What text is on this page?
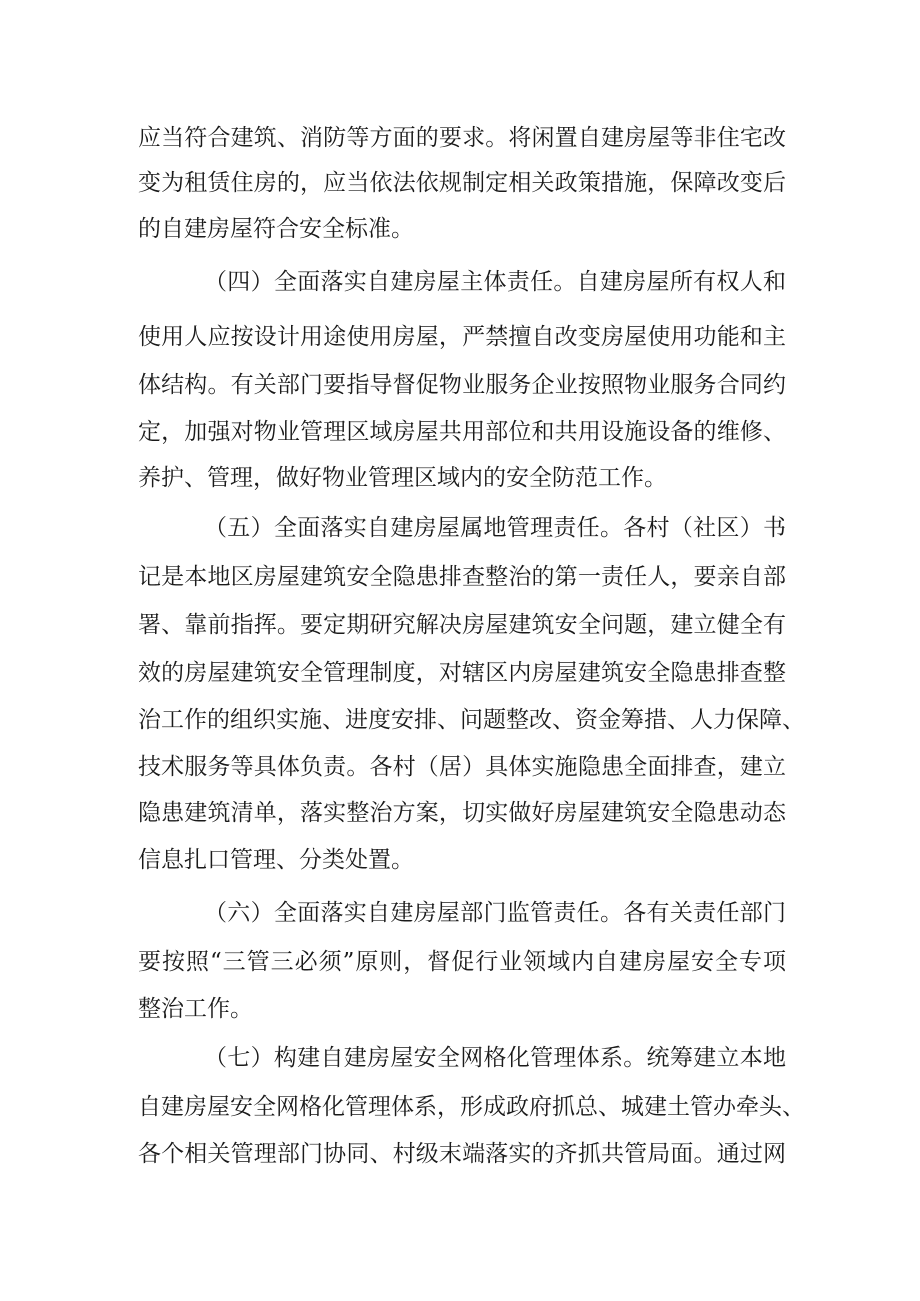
应当符合建筑、消防等方面的要求。将闲置自建房屋等非住宅改
变为租赁住房的，应当依法依规制定相关政策措施，保障改变后
的自建房屋符合安全标准。
（四）全面落实自建房屋主体责任。自建房屋所有权人和
使用人应按设计用途使用房屋，严禁擅自改变房屋使用功能和主
体结构。有关部门要指导督促物业服务企业按照物业服务合同约
定，加强对物业管理区域房屋共用部位和共用设施设备的维修、
养护、管理，做好物业管理区域内的安全防范工作。
（五）全面落实自建房屋属地管理责任。各村（社区）书
记是本地区房屋建筑安全隐患排查整治的第一责任人，要亲自部
署、靠前指挥。要定期研究解决房屋建筑安全问题，建立健全有
效的房屋建筑安全管理制度，对辖区内房屋建筑安全隐患排查整
治工作的组织实施、进度安排、问题整改、资金筹措、人力保障、
技术服务等具体负责。各村（居）具体实施隐患全面排查，建立
隐患建筑清单，落实整治方案，切实做好房屋建筑安全隐患动态
信息扎口管理、分类处置。
（六）全面落实自建房屋部门监管责任。各有关责任部门
要按照“三管三必须”原则，督促行业领域内自建房屋安全专项
整治工作。
（七）构建自建房屋安全网格化管理体系。统筹建立本地
自建房屋安全网格化管理体系，形成政府抓总、城建土管办牵头、
各个相关管理部门协同、村级末端落实的齐抓共管局面。通过网
